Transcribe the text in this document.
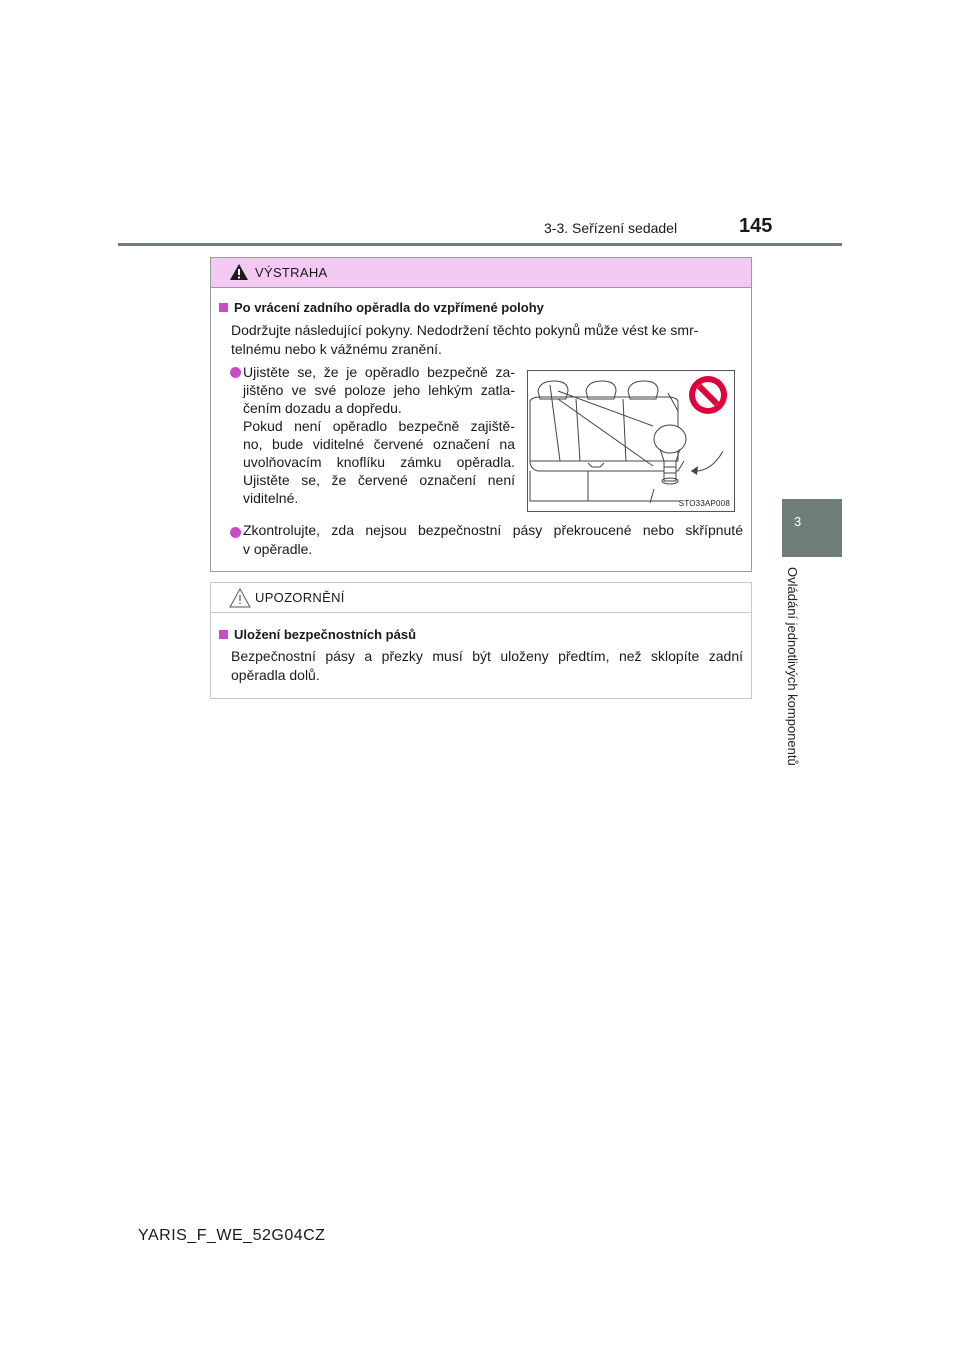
3-3. Seřízení sedadel	145
3
Ovládání jednotlivých komponentů
VÝSTRAHA
Po vrácení zadního opěradla do vzpřímené polohy
Dodržujte následující pokyny. Nedodržení těchto pokynů může vést ke smr-
telnému nebo k vážnému zranění.
Ujistěte se, že je opěradlo bezpečně za-
jištěno ve své poloze jeho lehkým zatla-
čením dozadu a dopředu.
Pokud není opěradlo bezpečně zajiště-
no, bude viditelné červené označení na
uvolňovacím knoflíku zámku opěradla.
Ujistěte se, že červené označení není
viditelné.	STO33AP008
Zkontrolujte, zda nejsou bezpečnostní pásy překroucené nebo skřípnuté
v opěradle.
UPOZORNĚNÍ
Uložení bezpečnostních pásů
Bezpečnostní pásy a přezky musí být uloženy předtím, než sklopíte zadní
opěradla dolů.
YARIS_F_WE_52G04CZ
